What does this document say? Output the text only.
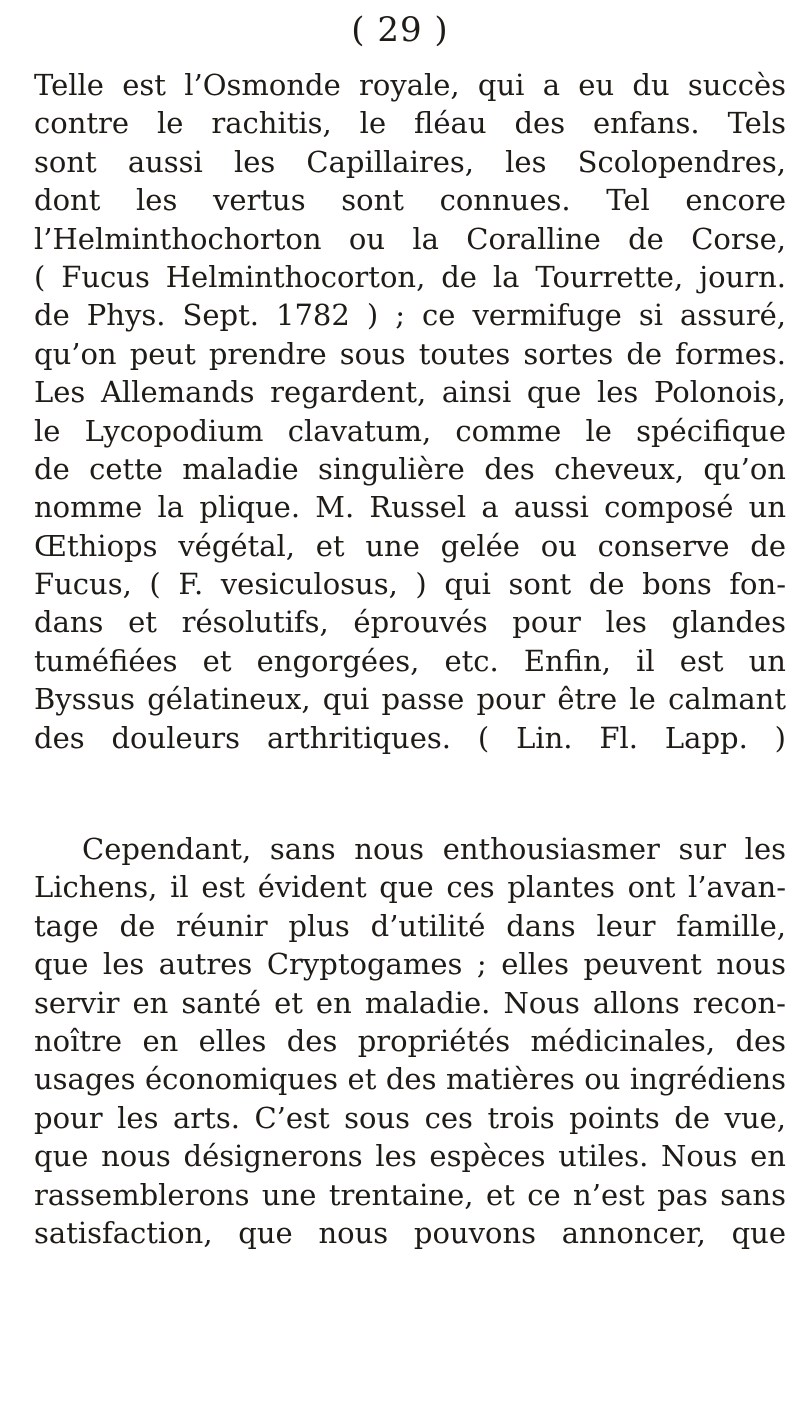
( 29 )
Telle est l’Osmonde royale, qui a eu du succès
contre le rachitis, le fléau des enfans. Tels
sont aussi les Capillaires, les Scolopendres,
dont les vertus sont connues. Tel encore
l’Helminthochorton ou la Coralline de Corse,
( Fucus Helminthocorton, de la Tourrette, journ.
de Phys. Sept. 1782 ) ; ce vermifuge si assuré,
qu’on peut prendre sous toutes sortes de formes.
Les Allemands regardent, ainsi que les Polonois,
le Lycopodium clavatum, comme le spécifique
de cette maladie singulière des cheveux, qu’on
nomme la plique. M. Russel a aussi composé un
Œthiops végétal, et une gelée ou conserve de
Fucus, ( F. vesiculosus, ) qui sont de bons fon-
dans et résolutifs, éprouvés pour les glandes
tuméfiées et engorgées, etc. Enfin, il est un
Byssus gélatineux, qui passe pour être le calmant
des douleurs arthritiques. ( Lin. Fl. Lapp. )
Cependant, sans nous enthousiasmer sur les
Lichens, il est évident que ces plantes ont l’avan-
tage de réunir plus d’utilité dans leur famille,
que les autres Cryptogames ; elles peuvent nous
servir en santé et en maladie. Nous allons recon-
noître en elles des propriétés médicinales, des
usages économiques et des matières ou ingrédiens
pour les arts. C’est sous ces trois points de vue,
que nous désignerons les espèces utiles. Nous en
rassemblerons une trentaine, et ce n’est pas sans
satisfaction, que nous pouvons annoncer, que
